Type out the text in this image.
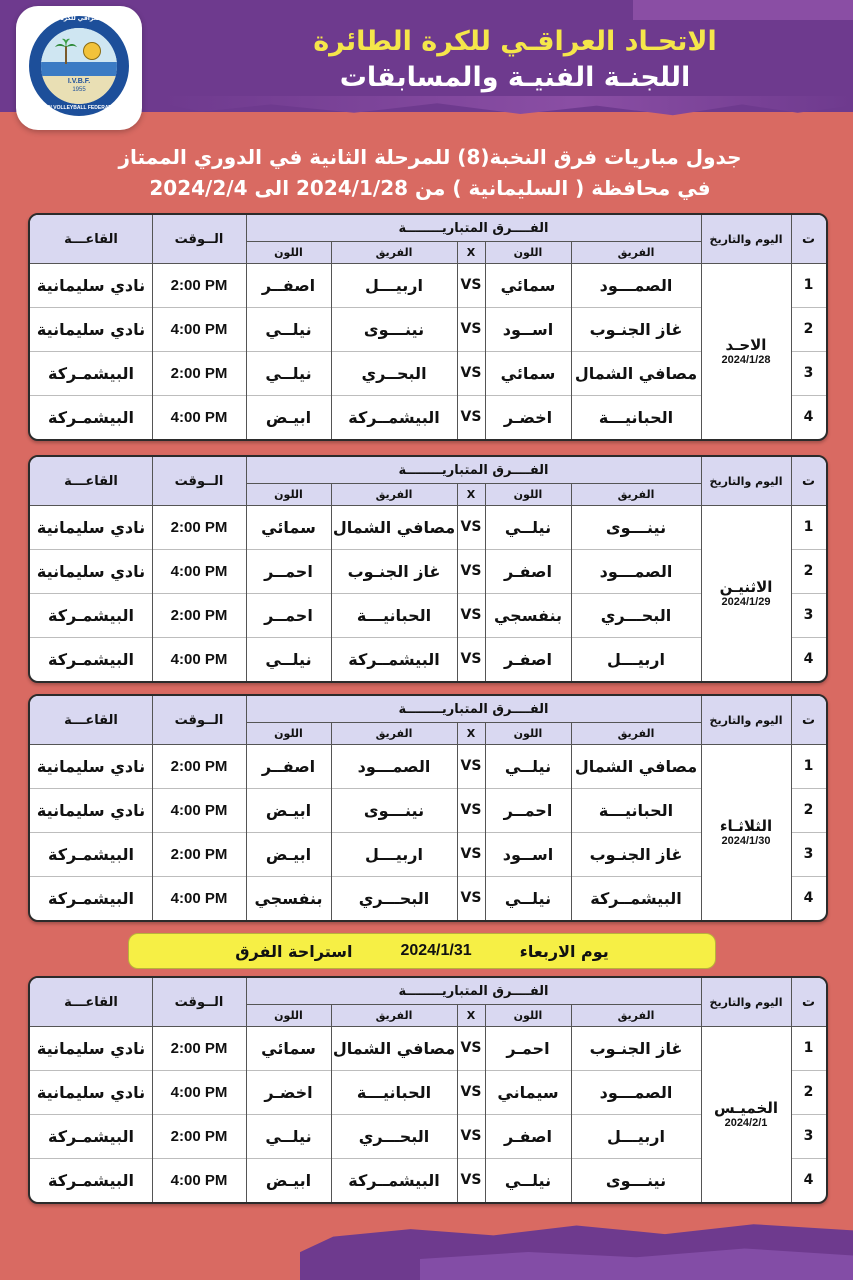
الاتحاد العراقي للكرة الطائرة
I.V.B.F.
1955
IRAQI VOLLEYBALL FEDERATION
الاتحـاد العراقـي للكرة الطائرة
اللجنـة الفنيـة والمسابقات
جدول مباريات فرق النخبة(8) للمرحلة الثانية في الدوري الممتاز
في محافظة ( السليمانية ) من 2024/1/28 الى 2024/2/4
القاعـــة	الــوقت
الفــــرق المتباريــــــــة
اليوم والتاريخ	ت
اللون	الفريق	X	اللون	الفريق
الاحـد
2024/1/28
نادي سليمانية	2:00 PM	اصفــر	اربيـــل	VS	سمائي	الصمـــود	1
نادي سليمانية	4:00 PM	نيلــي	نينـــوى	VS	اســود	غاز الجنـوب	2
البيشمـركة	2:00 PM	نيلــي	البحــري	VS	سمائي	مصافي الشمال	3
البيشمـركة	4:00 PM	ابيـض	البيشمــركة	VS	اخضـر	الحبانيـــة	4
القاعـــة	الــوقت
الفــــرق المتباريــــــــة
اليوم والتاريخ	ت
اللون	الفريق	X	اللون	الفريق
الاثنيـن
2024/1/29
نادي سليمانية	2:00 PM	سمائي	مصافي الشمال VS	نيلــي	نينـــوى	1
نادي سليمانية	4:00 PM	احمــر	غاز الجنـوب	VS	اصفـر	الصمـــود	2
البيشمـركة	2:00 PM	احمــر	الحبانيـــة	VS بنفسجي	البحـــري	3
البيشمـركة	4:00 PM	نيلــي	البيشمــركة	VS	اصفـر	اربيـــل	4
القاعـــة	الــوقت
الفــــرق المتباريــــــــة
اليوم والتاريخ	ت
اللون	الفريق	X	اللون	الفريق
الثلاثـاء
2024/1/30
نادي سليمانية	2:00 PM	اصفــر	الصمـــود	VS	نيلــي	مصافي الشمال	1
نادي سليمانية	4:00 PM	ابيـض	نينـــوى	VS	احمــر	الحبانيـــة	2
البيشمـركة	2:00 PM	ابيـض	اربيـــل	VS	اســود	غاز الجنـوب	3
البيشمـركة	4:00 PM	بنفسجي	البحـــري	VS	نيلــي	البيشمــركة	4
القاعـــة	الــوقت
الفــــرق المتباريــــــــة
اليوم والتاريخ	ت
اللون	الفريق	X	اللون	الفريق
الخميـس
2024/2/1
نادي سليمانية	2:00 PM	سمائي	مصافي الشمال VS	احمـر	غاز الجنـوب	1
نادي سليمانية	4:00 PM	اخضـر	الحبانيـــة	VS سيماني	الصمـــود	2
البيشمـركة	2:00 PM	نيلــي	البحـــري	VS	اصفـر	اربيـــل	3
البيشمـركة	4:00 PM	ابيـض	البيشمــركة	VS	نيلــي	نينـــوى	4
يوم الاربعاء
2024/1/31
استراحة الفرق
